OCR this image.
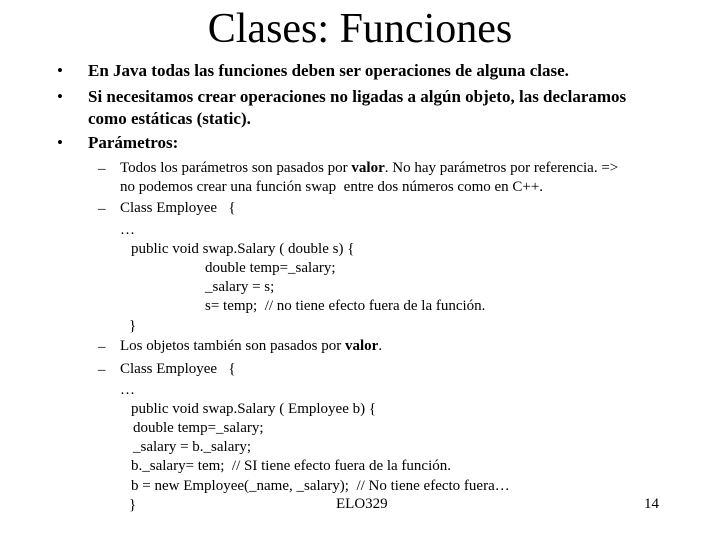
Clases: Funciones
• En Java todas las funciones deben ser operaciones de alguna clase.
• Si necesitamos crear operaciones no ligadas a algún objeto, las declaramos
como estáticas (static).
• Parámetros:
– Todos los parámetros son pasados por valor. No hay parámetros por referencia. =>
no podemos crear una función swap  entre dos números como en C++.
– Class Employee   {
…
public void swap.Salary ( double s) {
double temp=_salary;
_salary = s;
s= temp;  // no tiene efecto fuera de la función.
}
– Los objetos también son pasados por valor.
– Class Employee   {
…
public void swap.Salary ( Employee b) {
double temp=_salary;
_salary = b._salary;
b._salary= tem;  // SI tiene efecto fuera de la función.
b = new Employee(_name, _salary);  // No tiene efecto fuera…
}	ELO329	14
